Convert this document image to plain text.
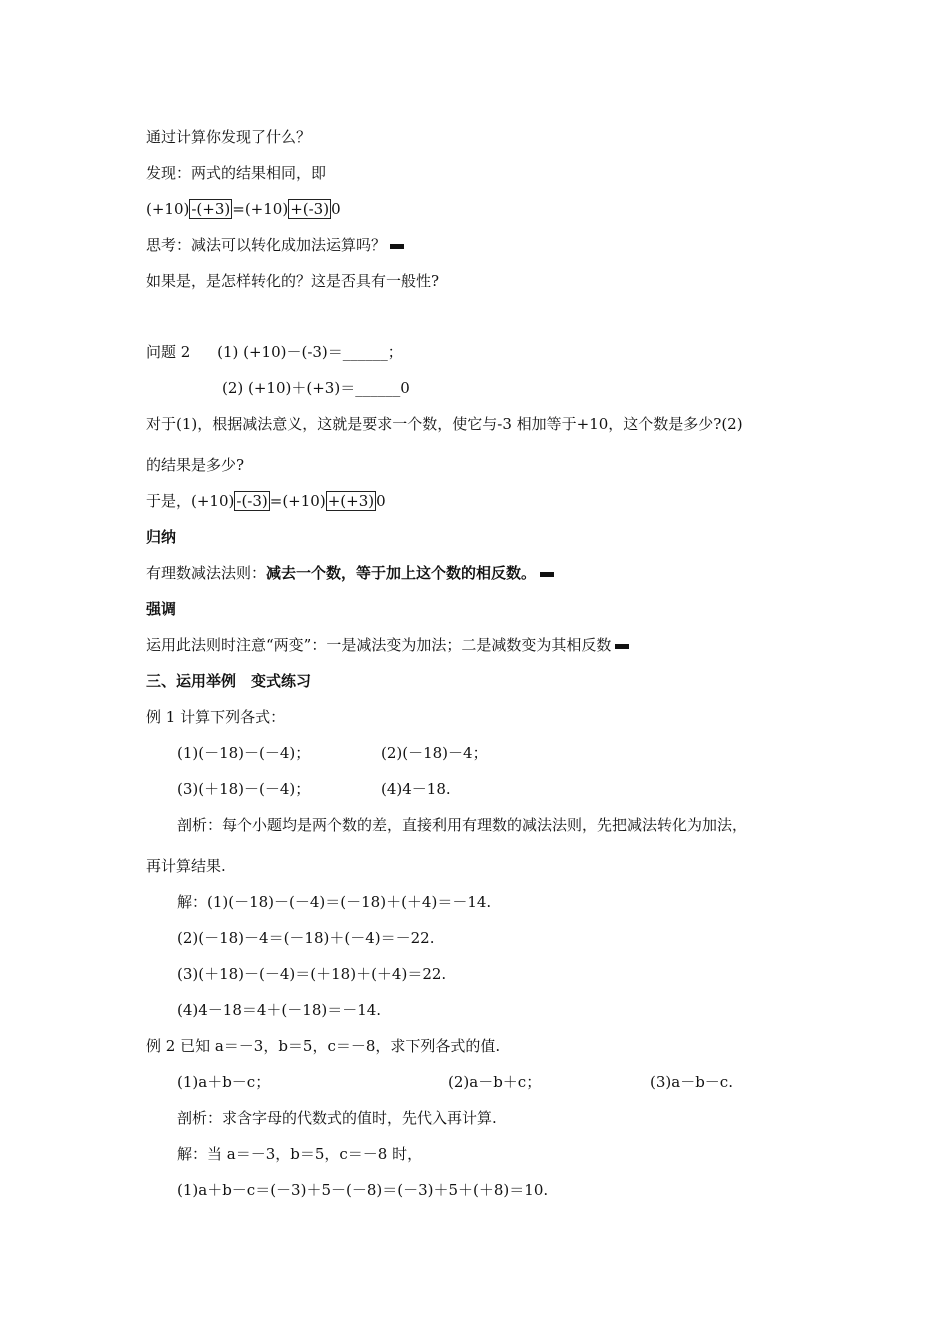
通过计算你发现了什么？
发现：两式的结果相同，即
(+10) -(+3) =(+10) +(-3) 0
思考：减法可以转化成加法运算吗？
如果是，是怎样转化的？这是否具有一般性?
问题 2 (1) (+10)－(-3)＝______；
(2) (+10)＋(+3)＝______0
对于(1)，根据减法意义，这就是要求一个数，使它与-3 相加等于+10，这个数是多少?(2)
的结果是多少?
于是，(+10) -(-3) =(+10) +(+3) 0
归纳
有理数减法法则：减去一个数，等于加上这个数的相反数。
强调
运用此法则时注意“两变”：一是减法变为加法；二是减数变为其相反数
三、运用举例　变式练习
例 1 计算下列各式：
(1)(－18)－(－4)；	(2)(－18)－4；
(3)(＋18)－(－4)；	(4)4－18.
剖析：每个小题均是两个数的差，直接利用有理数的减法法则，先把减法转化为加法，
再计算结果.
解：(1)(－18)－(－4)＝(－18)＋(＋4)＝－14.
(2)(－18)－4＝(－18)＋(－4)＝－22.
(3)(＋18)－(－4)＝(＋18)＋(＋4)＝22.
(4)4－18＝4＋(－18)＝－14.
例 2 已知 a＝－3，b＝5，c＝－8，求下列各式的值.
(1)a＋b－c；	(2)a－b＋c；	(3)a－b－c.
剖析：求含字母的代数式的值时，先代入再计算.
解：当 a＝－3，b＝5，c＝－8 时，
(1)a＋b－c＝(－3)＋5－(－8)＝(－3)＋5＋(＋8)＝10.
